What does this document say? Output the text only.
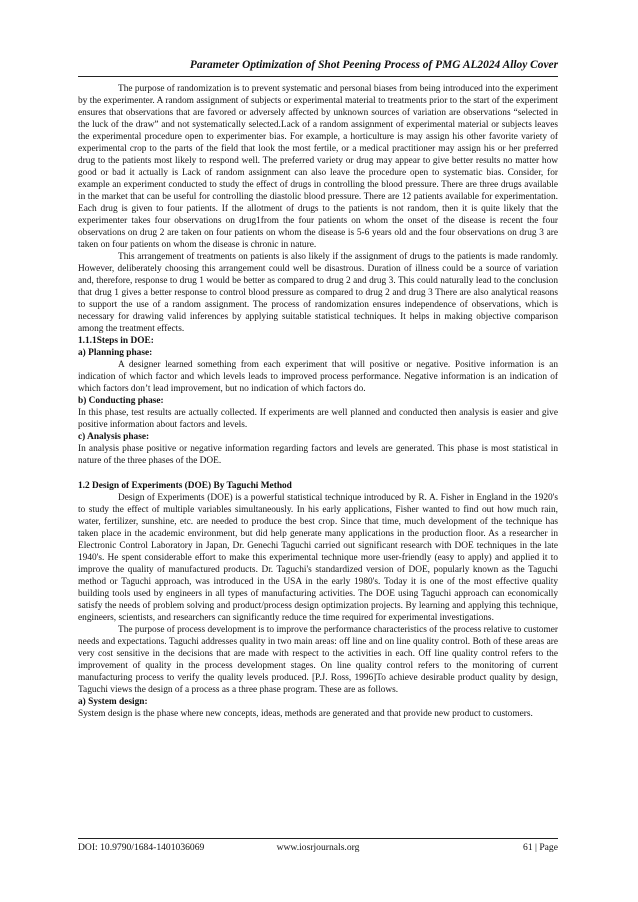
Parameter Optimization of Shot Peening Process of PMG AL2024 Alloy Cover

The purpose of randomization is to prevent systematic and personal biases from being introduced into the experiment by the experimenter. A random assignment of subjects or experimental material to treatments prior to the start of the experiment ensures that observations that are favored or adversely affected by unknown sources of variation are observations “selected in the luck of the draw” and not systematically selected.Lack of a random assignment of experimental material or subjects leaves the experimental procedure open to experimenter bias. For example, a horticulture is may assign his other favorite variety of experimental crop to the parts of the field that look the most fertile, or a medical practitioner may assign his or her preferred drug to the patients most likely to respond well. The preferred variety or drug may appear to give better results no matter how good or bad it actually is Lack of random assignment can also leave the procedure open to systematic bias. Consider, for example an experiment conducted to study the effect of drugs in controlling the blood pressure. There are three drugs available in the market that can be useful for controlling the diastolic blood pressure. There are 12 patients available for experimentation. Each drug is given to four patients. If the allotment of drugs to the patients is not random, then it is quite likely that the experimenter takes four observations on drug1from the four patients on whom the onset of the disease is recent the four observations on drug 2 are taken on four patients on whom the disease is 5-6 years old and the four observations on drug 3 are taken on four patients on whom the disease is chronic in nature.

This arrangement of treatments on patients is also likely if the assignment of drugs to the patients is made randomly. However, deliberately choosing this arrangement could well be disastrous. Duration of illness could be a source of variation and, therefore, response to drug 1 would be better as compared to drug 2 and drug 3. This could naturally lead to the conclusion that drug 1 gives a better response to control blood pressure as compared to drug 2 and drug 3 There are also analytical reasons to support the use of a random assignment. The process of randomization ensures independence of observations, which is necessary for drawing valid inferences by applying suitable statistical techniques. It helps in making objective comparison among the treatment effects.

1.1.1Steps in DOE:

a) Planning phase:

A designer learned something from each experiment that will positive or negative. Positive information is an indication of which factor and which levels leads to improved process performance. Negative information is an indication of which factors don’t lead improvement, but no indication of which factors do.

b) Conducting phase:

In this phase, test results are actually collected. If experiments are well planned and conducted then analysis is easier and give positive information about factors and levels.

c) Analysis phase:

In analysis phase positive or negative information regarding factors and levels are generated. This phase is most statistical in nature of the three phases of the DOE.

1.2 Design of Experiments (DOE) By Taguchi Method

Design of Experiments (DOE) is a powerful statistical technique introduced by R. A. Fisher in England in the 1920's to study the effect of multiple variables simultaneously. In his early applications, Fisher wanted to find out how much rain, water, fertilizer, sunshine, etc. are needed to produce the best crop. Since that time, much development of the technique has taken place in the academic environment, but did help generate many applications in the production floor. As a researcher in Electronic Control Laboratory in Japan, Dr. Genechi Taguchi carried out significant research with DOE techniques in the late 1940's. He spent considerable effort to make this experimental technique more user-friendly (easy to apply) and applied it to improve the quality of manufactured products. Dr. Taguchi's standardized version of DOE, popularly known as the Taguchi method or Taguchi approach, was introduced in the USA in the early 1980's. Today it is one of the most effective quality building tools used by engineers in all types of manufacturing activities. The DOE using Taguchi approach can economically satisfy the needs of problem solving and product/process design optimization projects. By learning and applying this technique, engineers, scientists, and researchers can significantly reduce the time required for experimental investigations.

The purpose of process development is to improve the performance characteristics of the process relative to customer needs and expectations. Taguchi addresses quality in two main areas: off line and on line quality control. Both of these areas are very cost sensitive in the decisions that are made with respect to the activities in each. Off line quality control refers to the improvement of quality in the process development stages. On line quality control refers to the monitoring of current manufacturing process to verify the quality levels produced. [P.J. Ross, 1996]To achieve desirable product quality by design, Taguchi views the design of a process as a three phase program. These are as follows.

a) System design:

System design is the phase where new concepts, ideas, methods are generated and that provide new product to customers.

DOI: 10.9790/1684-1401036069	www.iosrjournals.org	61 | Page
